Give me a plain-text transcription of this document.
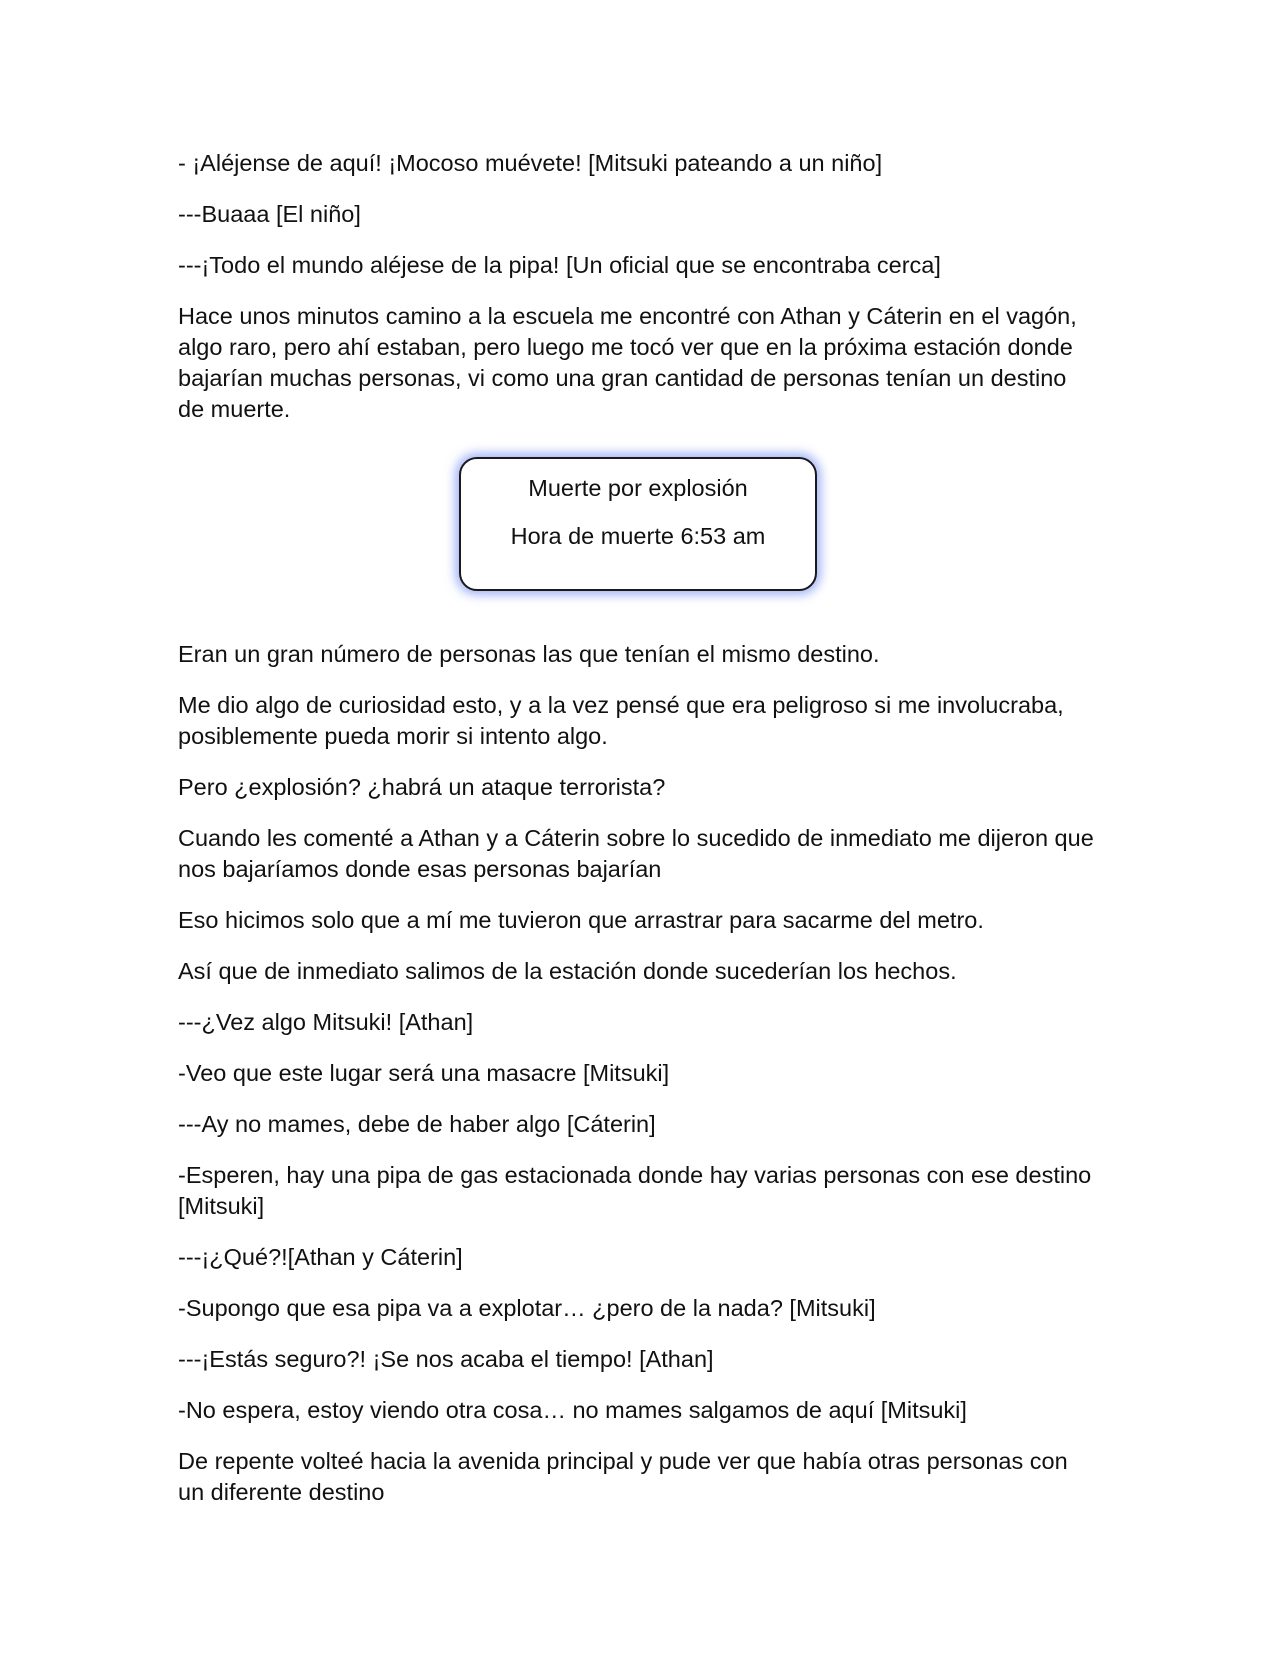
- ¡Aléjense de aquí! ¡Mocoso muévete! [Mitsuki pateando a un niño]

---Buaaa [El niño]

---¡Todo el mundo aléjese de la pipa! [Un oficial que se encontraba cerca]

Hace unos minutos camino a la escuela me encontré con Athan y Cáterin en el vagón, algo raro, pero ahí estaban, pero luego me tocó ver que en la próxima estación donde bajarían muchas personas, vi como una gran cantidad de personas tenían un destino de muerte.

Muerte por explosión

Hora de muerte 6:53 am

Eran un gran número de personas las que tenían el mismo destino.

Me dio algo de curiosidad esto, y a la vez pensé que era peligroso si me involucraba, posiblemente pueda morir si intento algo.

Pero ¿explosión? ¿habrá un ataque terrorista?

Cuando les comenté a Athan y a Cáterin sobre lo sucedido de inmediato me dijeron que nos bajaríamos donde esas personas bajarían

Eso hicimos solo que a mí me tuvieron que arrastrar para sacarme del metro.

Así que de inmediato salimos de la estación donde sucederían los hechos.

---¿Vez algo Mitsuki! [Athan]

-Veo que este lugar será una masacre [Mitsuki]

---Ay no mames, debe de haber algo [Cáterin]

-Esperen, hay una pipa de gas estacionada donde hay varias personas con ese destino [Mitsuki]

---¡¿Qué?![Athan y Cáterin]

-Supongo que esa pipa va a explotar… ¿pero de la nada? [Mitsuki]

---¡Estás seguro?! ¡Se nos acaba el tiempo! [Athan]

-No espera, estoy viendo otra cosa… no mames salgamos de aquí [Mitsuki]

De repente volteé hacia la avenida principal y pude ver que había otras personas con un diferente destino
